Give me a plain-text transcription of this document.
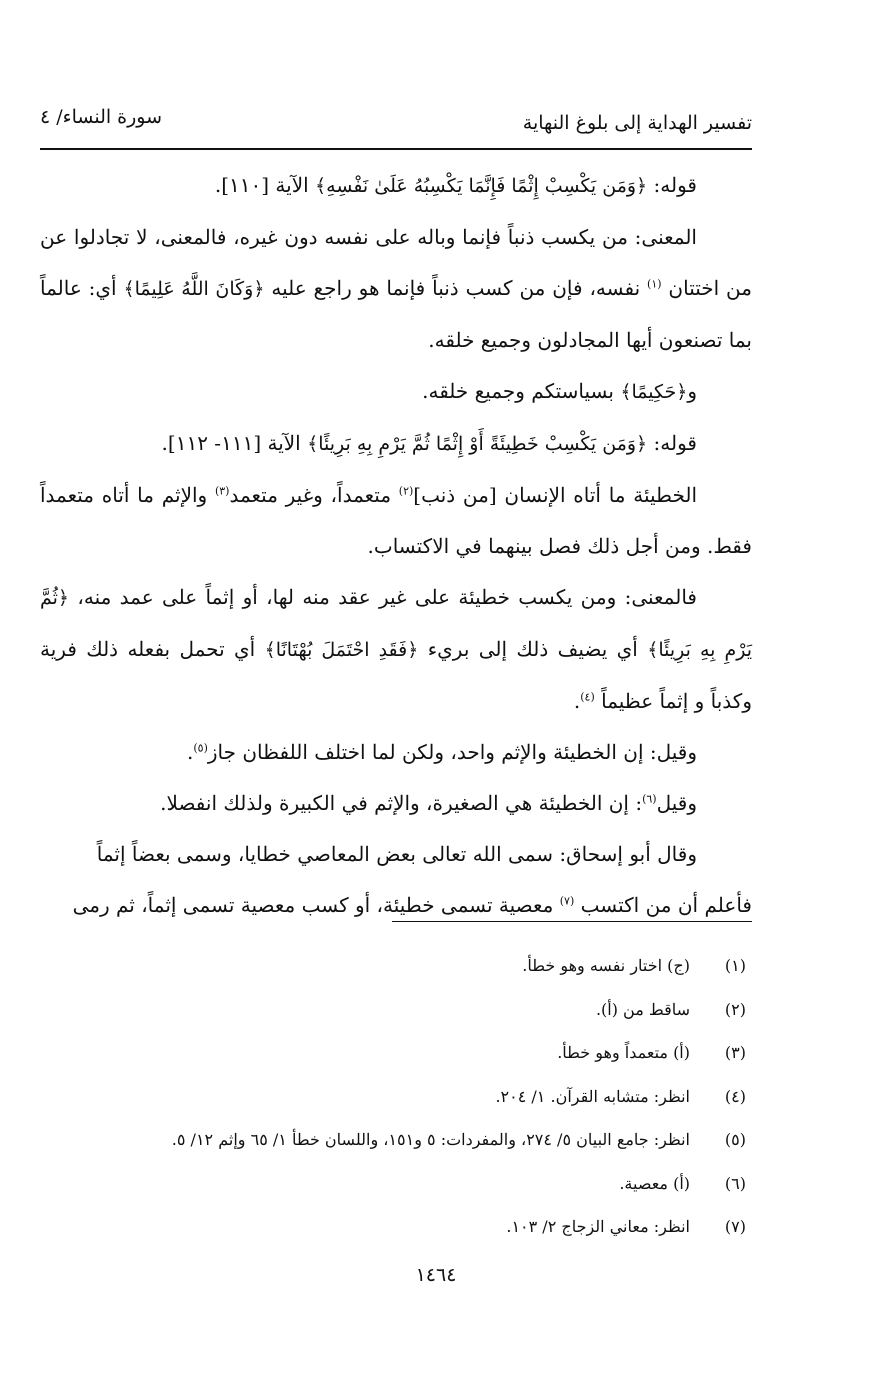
تفسير الهداية إلى بلوغ النهاية
سورة النساء/ ٤

قوله: ﴿وَمَن يَكْسِبْ إِثْمًا فَإِنَّمَا يَكْسِبُهُ عَلَىٰ نَفْسِهِ﴾ الآية [١١٠].

المعنى: من يكسب ذنباً فإنما وباله على نفسه دون غيره، فالمعنى، لا تجادلوا عن من اختتان $^{(١)}$ نفسه، فإن من كسب ذنباً فإنما هو راجع عليه ﴿وَكَانَ اللَّهُ عَلِيمًا﴾ أي: عالماً بما تصنعون أيها المجادلون وجميع خلقه.

و﴿حَكِيمًا﴾ بسياستكم وجميع خلقه.

قوله: ﴿وَمَن يَكْسِبْ خَطِيئَةً أَوْ إِثْمًا ثُمَّ يَرْمِ بِهِ بَرِيئًا﴾ الآية [١١١- ١١٢].

الخطيئة ما أتاه الإنسان [من ذنب]$^{(٢)}$ متعمداً، وغير متعمد$^{(٣)}$ والإثم ما أتاه متعمداً فقط. ومن أجل ذلك فصل بينهما في الاكتساب.

فالمعنى: ومن يكسب خطيئة على غير عقد منه لها، أو إثماً على عمد منه، ﴿ثُمَّ يَرْمِ بِهِ بَرِيئًا﴾ أي يضيف ذلك إلى بريء ﴿فَقَدِ احْتَمَلَ بُهْتَانًا﴾ أي تحمل بفعله ذلك فرية وكذباً و إثماً عظيماً $^{(٤)}$.

وقيل: إن الخطيئة والإثم واحد، ولكن لما اختلف اللفظان جاز$^{(٥)}$.

وقيل$^{(٦)}$: إن الخطيئة هي الصغيرة، والإثم في الكبيرة ولذلك انفصلا.

وقال أبو إسحاق: سمى الله تعالى بعض المعاصي خطايا، وسمى بعضاً إثماً

فأعلم أن من اكتسب $^{(٧)}$ معصية تسمى خطيئة، أو كسب معصية تسمى إثماً، ثم رمى

(١)(ج) اختار نفسه وهو خطأ.
(٢)ساقط من (أ).
(٣)(أ) متعمداً وهو خطأ.
(٤)انظر: متشابه القرآن. ١/ ٢٠٤.
(٥)انظر: جامع البيان ٥/ ٢٧٤، والمفردات: ٥ و١٥١، واللسان خطأ ١/ ٦٥ وإثم ١٢/ ٥.
(٦)(أ) معصية.
(٧)انظر: معاني الزجاج ٢/ ١٠٣.
١٤٦٤
